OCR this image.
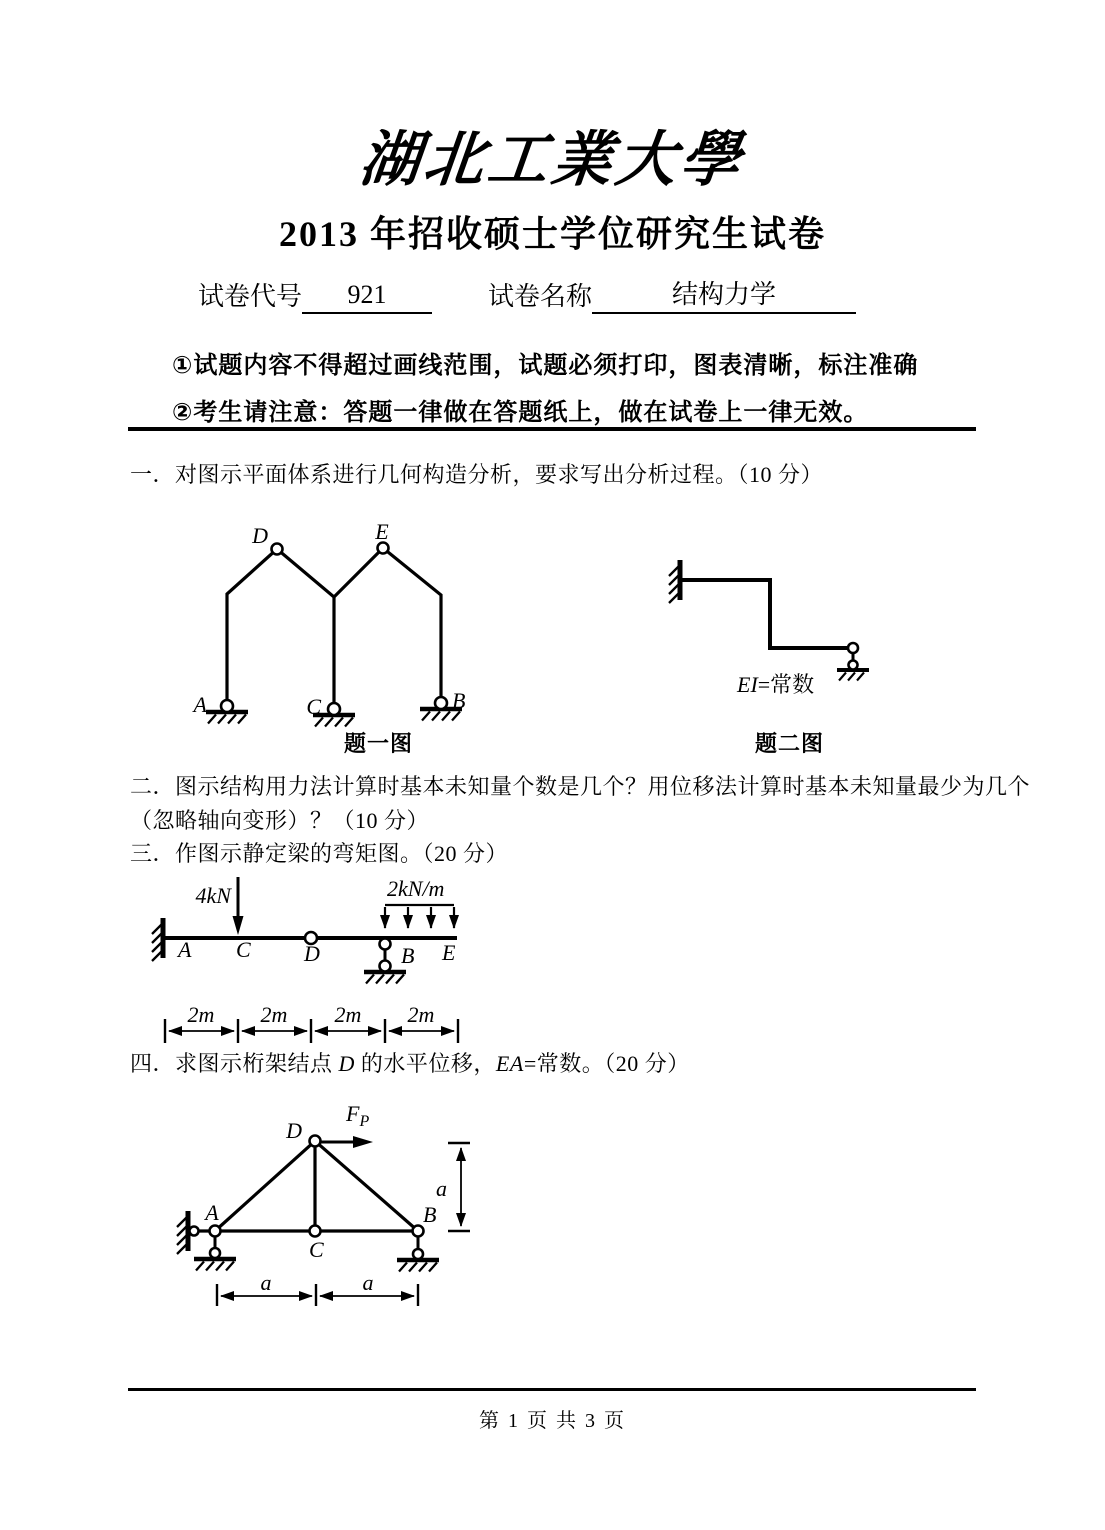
湖北工業大學
2013 年招收硕士学位研究生试卷
试卷代号	921	试卷名称	结构力学
①试题内容不得超过画线范围，试题必须打印，图表清晰，标注准确
②考生请注意：答题一律做在答题纸上，做在试卷上一律无效。
一．对图示平面体系进行几何构造分析，要求写出分析过程。（10 分）
二．图示结构用力法计算时基本未知量个数是几个？用位移法计算时基本未知量最少为几个
（忽略轴向变形）？（10 分）
三．作图示静定梁的弯矩图。（20 分）
四．求图示桁架结点 D 的水平位移，EA=常数。（20 分）
题一图	题二图
D	E
A	C	B
EI=常数
4kN	2kN/m
A C D	B E
2m 2m 2m 2m
$F_P$
D
A
C
B
a
a	a
第 1 页 共 3 页
